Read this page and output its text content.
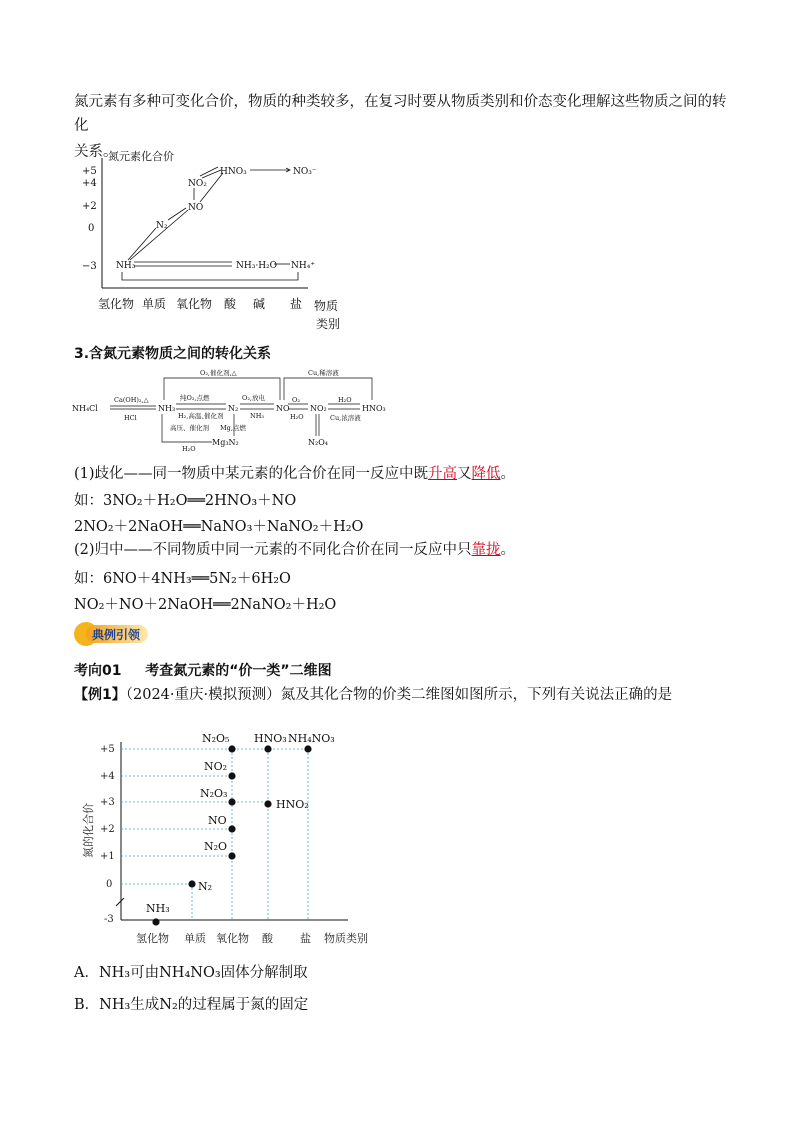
氮元素有多种可变化合价，物质的种类较多，在复习时要从物质类别和价态变化理解这些物质之间的转化
关系。
氮元素化合价
+5
+4
+2
0
−3
HNO₃	NO₃⁻
NO₂
NO
N₂
NH₃	NH₃·H₂O NH₄⁺
氢化物 单质 氧化物 酸 碱 盐 物质
类别
3.含氮元素物质之间的转化关系
NH₄Cl
Ca(OH)₂,△
HCl
NH₃
O₂,催化剂,△
纯O₂,点燃
H₂,高温、
催化剂
N₂
O₂,放电
NH₃
NO
Cu,稀溶液
O₂
H₂O
NO₂
H₂O
Cu,浓溶液
HNO₃
高压、催化剂 Mg,点燃
Mg₃N₂
H₂O
N₂O₄
(1)歧化——同一物质中某元素的化合价在同一反应中既升高又降低。
如：3NO₂＋H₂O══2HNO₃＋NO
2NO₂＋2NaOH══NaNO₃＋NaNO₂＋H₂O
(2)归中——不同物质中同一元素的不同化合价在同一反应中只靠拢。
如：6NO＋4NH₃══5N₂＋6H₂O
NO₂＋NO＋2NaOH══2NaNO₂＋H₂O
典例引领
考向01 考查氮元素的“价一类”二维图
【例1】（2024·重庆·模拟预测）氮及其化合物的价类二维图如图所示，下列有关说法正确的是
氮的化合价
+5
+4
+3
+2
+1
0
-3
N₂O₅ HNO₃ NH₄NO₃
NO₂
N₂O₃
HNO₂
NO
N₂O
N₂
NH₃
氢化物 单质 氧化物 酸 盐 物质类别
A．NH₃可由NH₄NO₃固体分解制取
B．NH₃生成N₂的过程属于氮的固定
